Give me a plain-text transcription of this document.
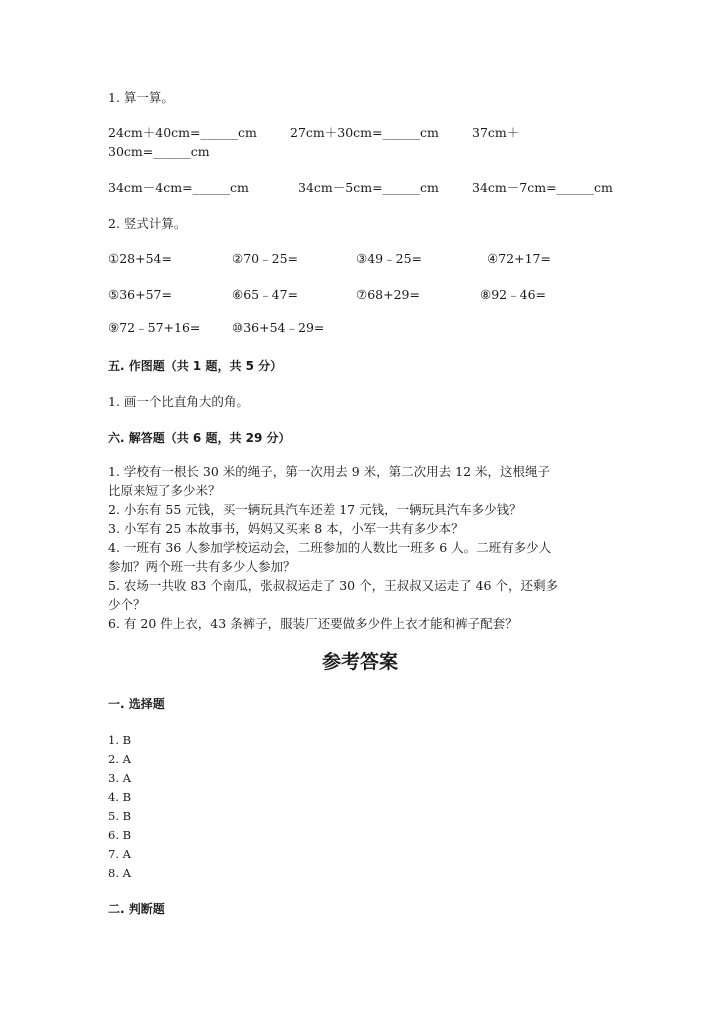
1. 算一算。
24cm＋40cm=______cm	27cm＋30cm=______cm	37cm＋
30cm=______cm
34cm－4cm=______cm	34cm－5cm=______cm	34cm－7cm=______cm
2. 竖式计算。
①28+54=	②70﹣25=	③49﹣25=	④72+17=
⑤36+57=	⑥65﹣47=	⑦68+29=	⑧92﹣46=
⑨72﹣57+16=	⑩36+54﹣29=
五. 作图题（共 1 题，共 5 分）
1. 画一个比直角大的角。
六. 解答题（共 6 题，共 29 分）
1. 学校有一根长 30 米的绳子，第一次用去 9 米，第二次用去 12 米，这根绳子
比原来短了多少米？
2. 小东有 55 元钱，买一辆玩具汽车还差 17 元钱，一辆玩具汽车多少钱？
3. 小军有 25 本故事书，妈妈又买来 8 本，小军一共有多少本？
4. 一班有 36 人参加学校运动会，二班参加的人数比一班多 6 人。二班有多少人
参加？两个班一共有多少人参加？
5. 农场一共收 83 个南瓜，张叔叔运走了 30 个，王叔叔又运走了 46 个，还剩多
少个？
6. 有 20 件上衣，43 条裤子，服装厂还要做多少件上衣才能和裤子配套？
参考答案
一. 选择题
1. B
2. A
3. A
4. B
5. B
6. B
7. A
8. A
二. 判断题
